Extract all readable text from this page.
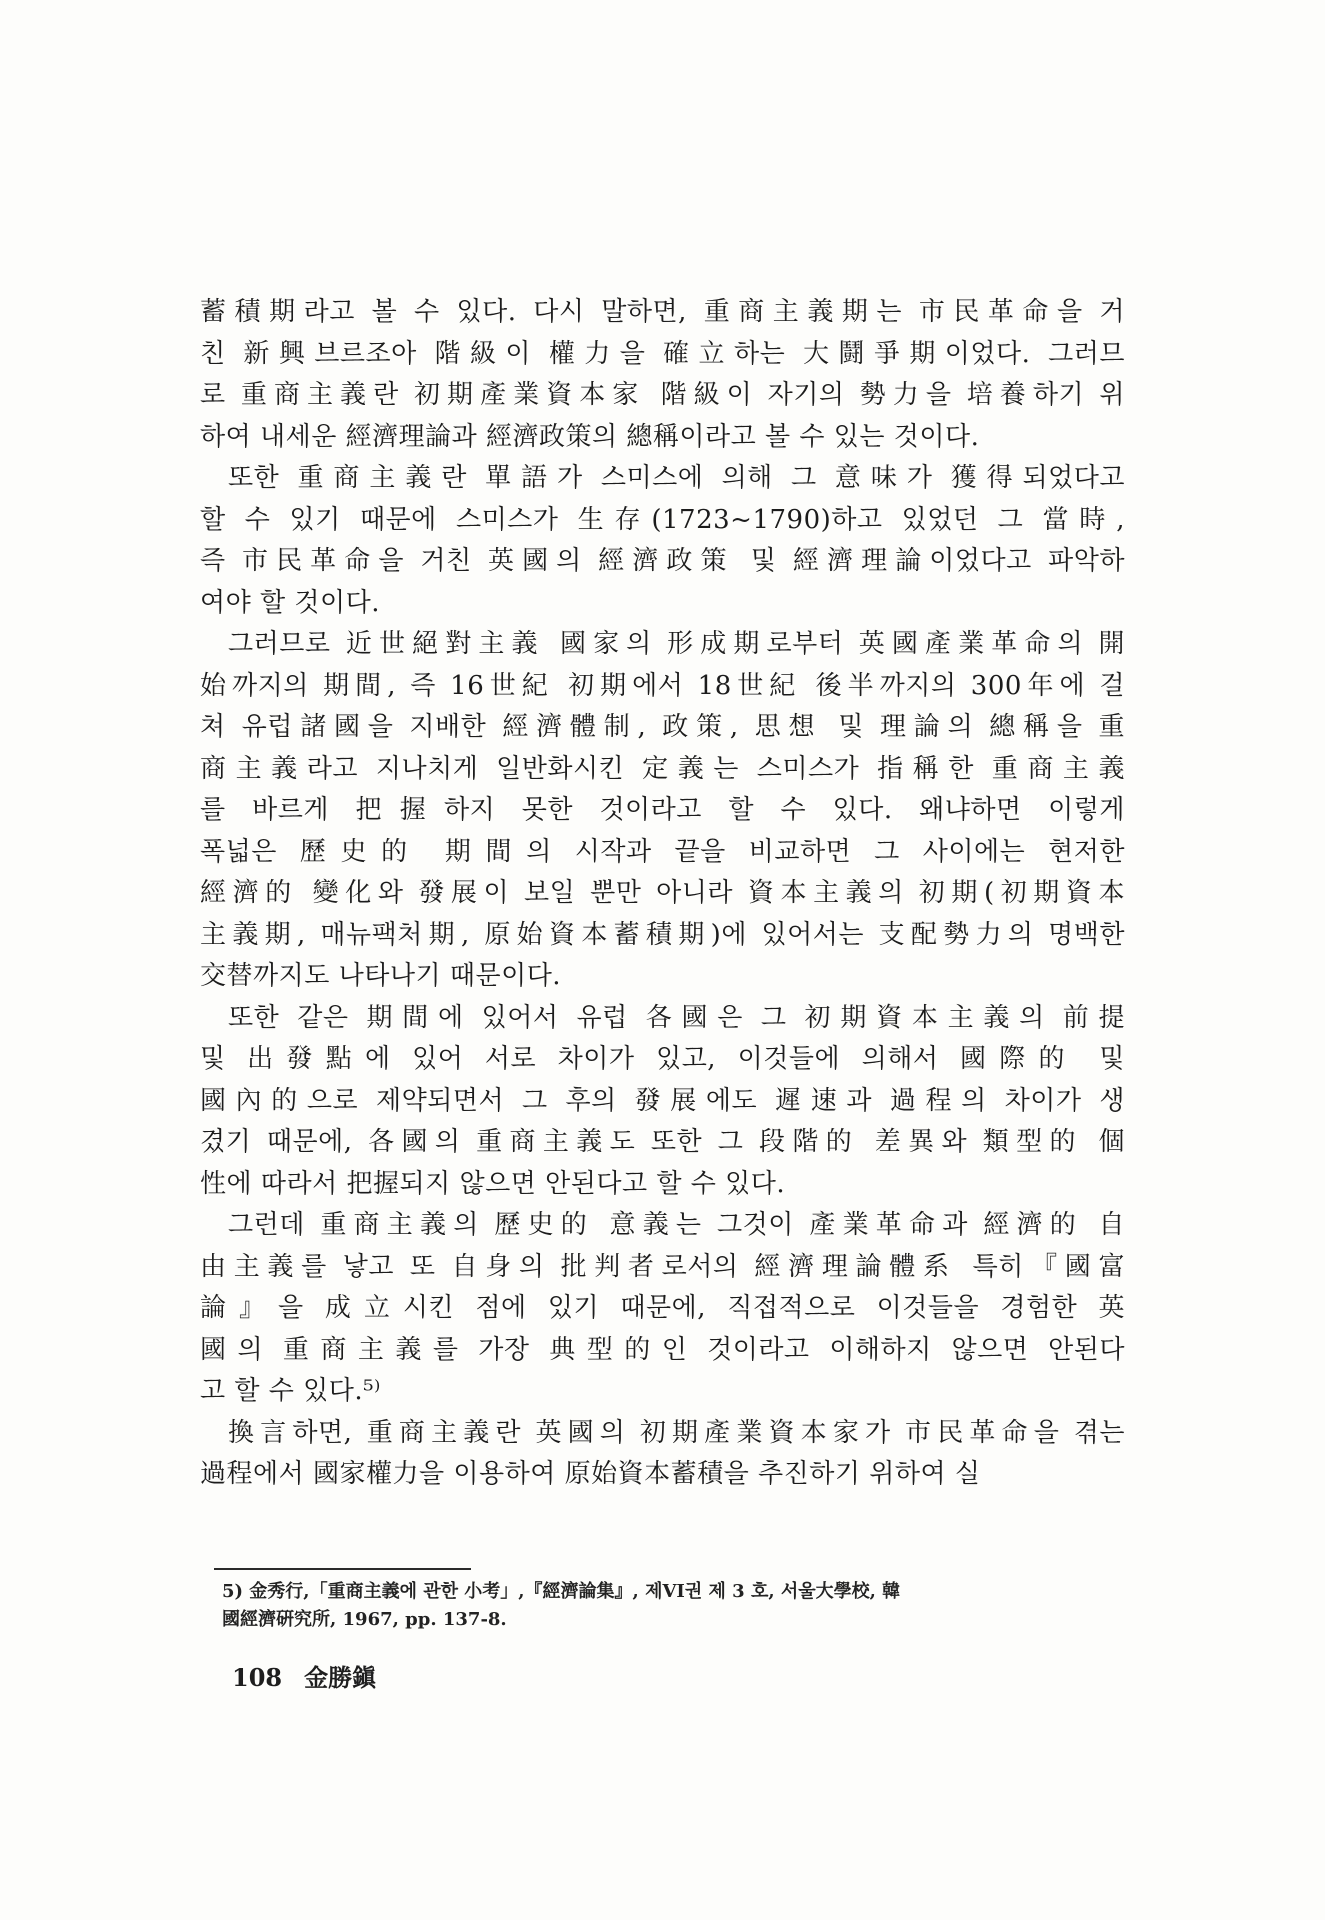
蓄積期라고 볼 수 있다. 다시 말하면, 重商主義期는 市民革命을 거
친 新興브르조아 階級이 權力을 確立하는 大鬪爭期이었다. 그러므
로 重商主義란 初期產業資本家 階級이 자기의 勢力을 培養하기 위
하여 내세운 經濟理論과 經濟政策의 總稱이라고 볼 수 있는 것이다.
또한 重商主義란 單語가 스미스에 의해 그 意味가 獲得되었다고
할 수 있기 때문에 스미스가 生存(1723~1790)하고 있었던 그 當時,
즉 市民革命을 거친 英國의 經濟政策 및 經濟理論이었다고 파악하
여야 할 것이다.
그러므로 近世絕對主義 國家의 形成期로부터 英國產業革命의 開
始까지의 期間, 즉 16世紀 初期에서 18世紀 後半까지의 300年에 걸
쳐 유럽諸國을 지배한 經濟體制, 政策, 思想 및 理論의 總稱을 重
商主義라고 지나치게 일반화시킨 定義는 스미스가 指稱한 重商主義
를 바르게 把握하지 못한 것이라고 할 수 있다. 왜냐하면 이렇게
폭넓은 歷史的 期間의 시작과 끝을 비교하면 그 사이에는 현저한
經濟的 變化와 發展이 보일 뿐만 아니라 資本主義의 初期(初期資本
主義期, 매뉴팩처期, 原始資本蓄積期)에 있어서는 支配勢力의 명백한
交替까지도 나타나기 때문이다.
또한 같은 期間에 있어서 유럽 各國은 그 初期資本主義의 前提
및 出發點에 있어 서로 차이가 있고, 이것들에 의해서 國際的 및
國內的으로 제약되면서 그 후의 發展에도 遲速과 過程의 차이가 생
겼기 때문에, 各國의 重商主義도 또한 그 段階的 差異와 類型的 個
性에 따라서 把握되지 않으면 안된다고 할 수 있다.
그런데 重商主義의 歷史的 意義는 그것이 產業革命과 經濟的 自
由主義를 낳고 또 自身의 批判者로서의 經濟理論體系 특히『國富
論』을 成立시킨 점에 있기 때문에, 직접적으로 이것들을 경험한 英
國의 重商主義를 가장 典型的인 것이라고 이해하지 않으면 안된다
고 할 수 있다.⁵⁾
換言하면, 重商主義란 英國의 初期產業資本家가 市民革命을 겪는
過程에서 國家權力을 이용하여 原始資本蓄積을 추진하기 위하여 실
5) 金秀行,「重商主義에 관한 小考」,『經濟論集』, 제VI권 제 3 호, 서울大學校, 韓
國經濟硏究所, 1967, pp. 137-8.
108 金勝鎭
